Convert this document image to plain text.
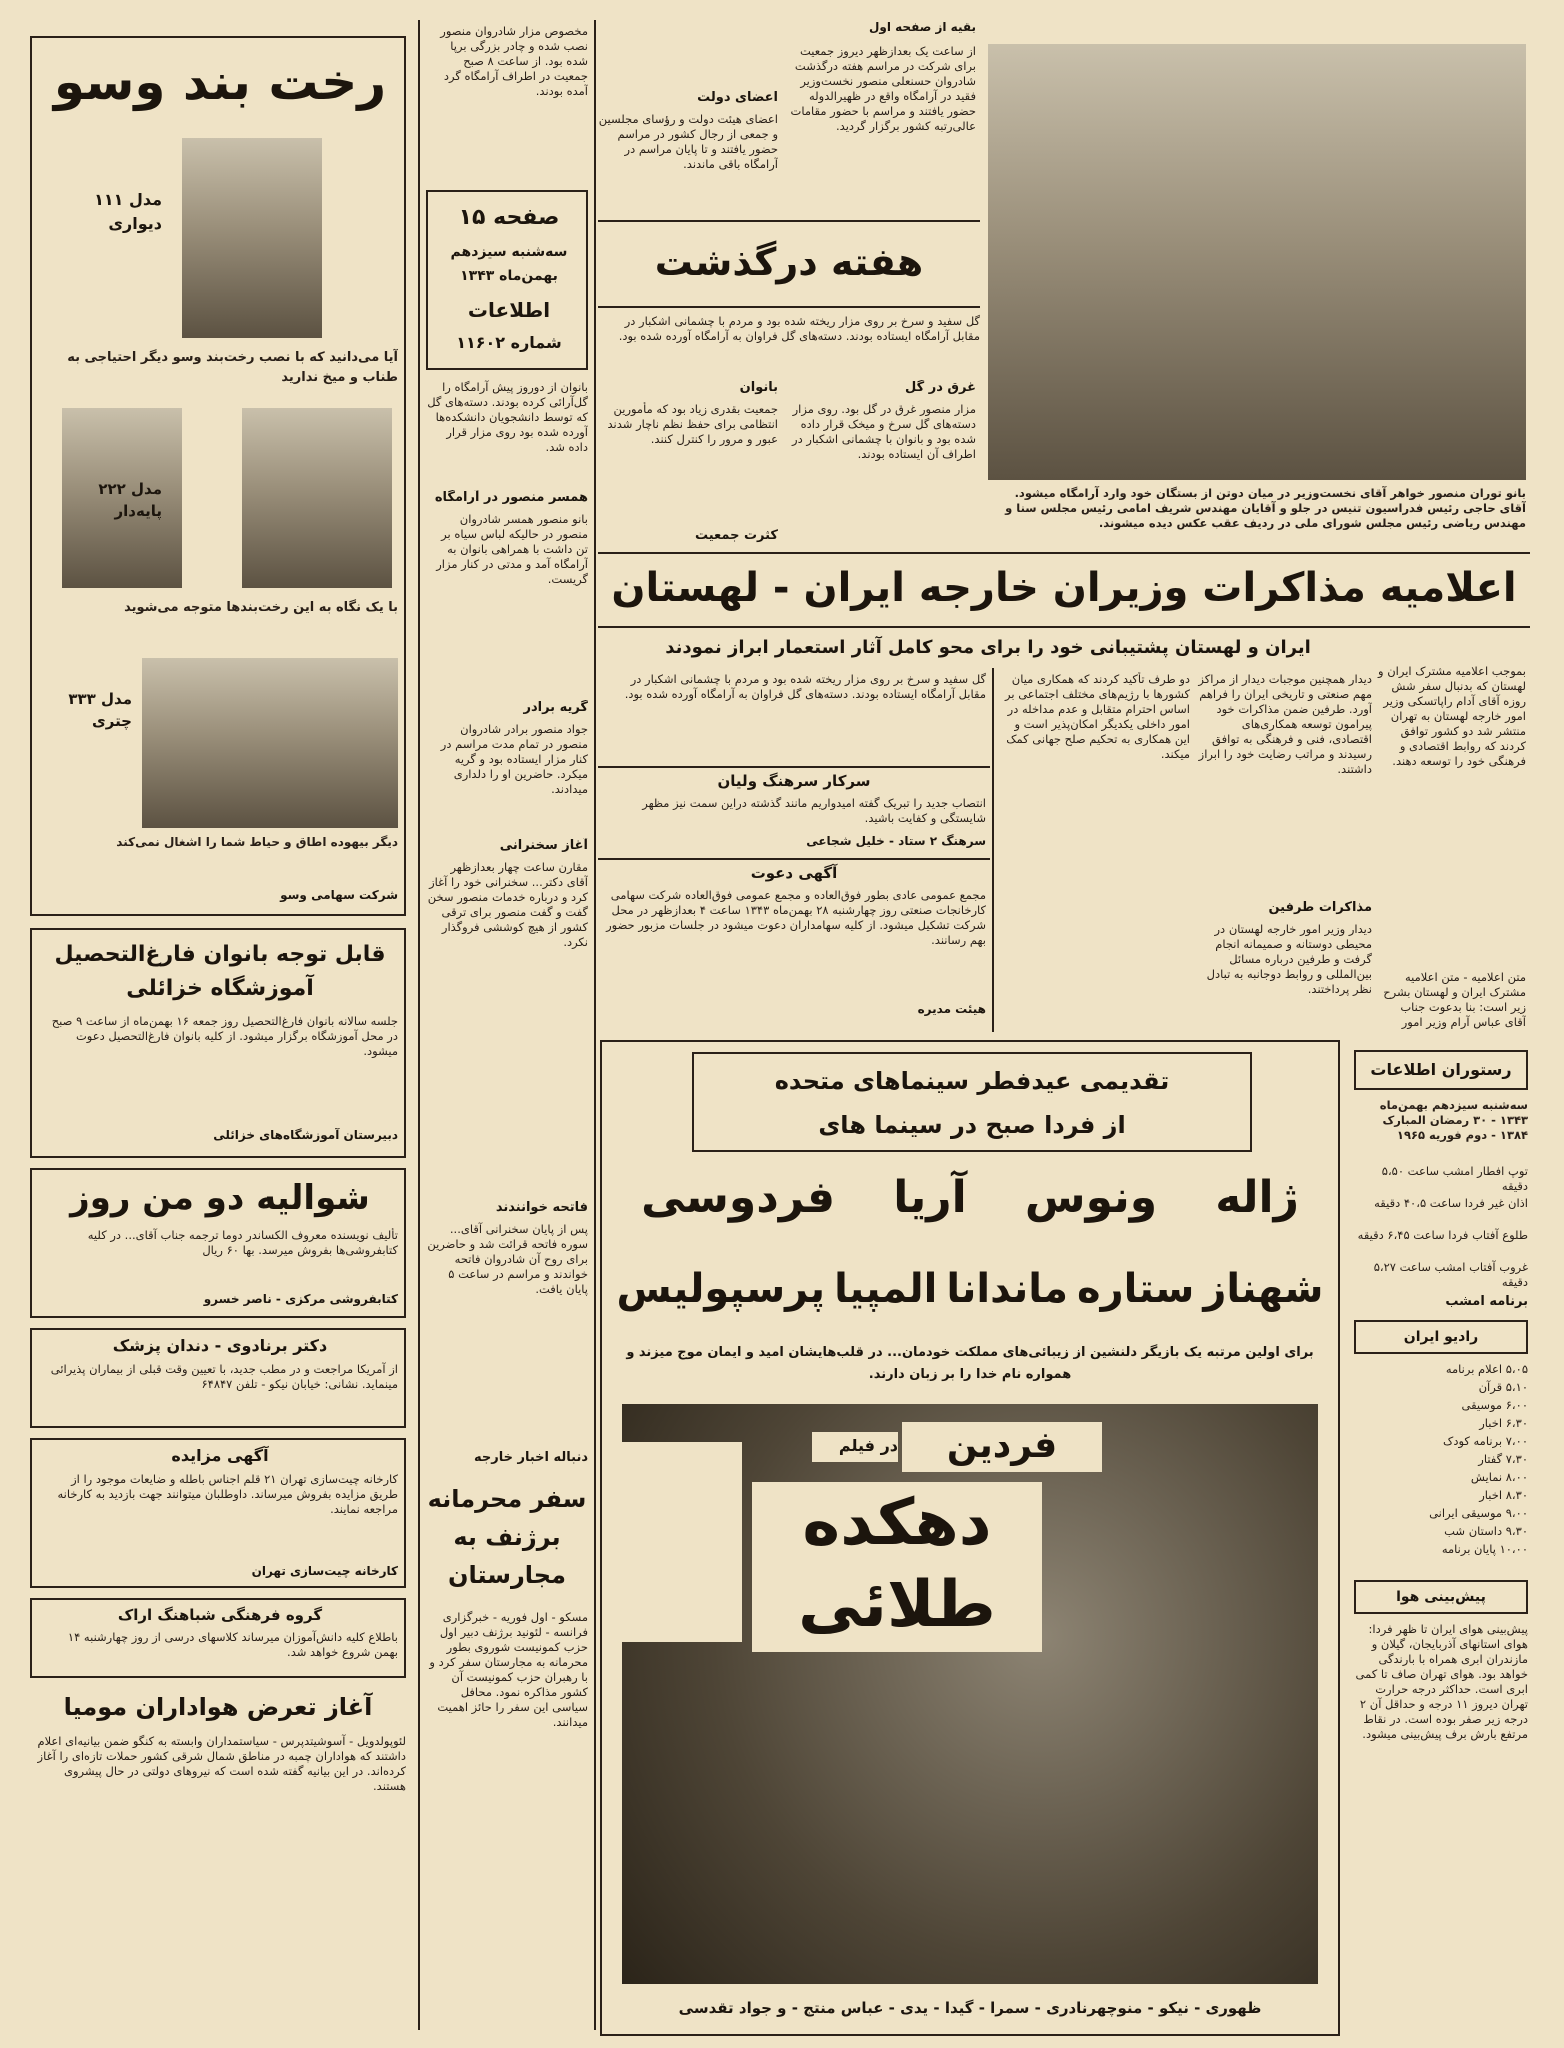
رخت بند وسو
مدل ۱۱۱ دیواری
آیا می‌دانید که با نصب رخت‌بند وسو دیگر احتیاجی به طناب و میخ ندارید
مدل ۲۲۲ پایه‌دار
با یک نگاه به این رخت‌بندها متوجه می‌شوید
مدل ۳۳۳ چتری
دیگر بیهوده اطاق و حیاط شما را اشغال نمی‌کند
شرکت سهامی وسو
قابل توجه بانوان فارغ‌التحصیل آموزشگاه خزائلی
جلسه سالانه بانوان فارغ‌التحصیل روز جمعه ۱۶ بهمن‌ماه از ساعت ۹ صبح در محل آموزشگاه برگزار میشود. از کلیه بانوان فارغ‌التحصیل دعوت میشود.
دبیرستان آموزشگاه‌های خزائلی
شوالیه دو من روز
تألیف نویسنده معروف الکساندر دوما ترجمه جناب آقای... در کلیه کتابفروشی‌ها بفروش میرسد. بها ۶۰ ریال
کتابفروشی مرکزی - ناصر خسرو
دکتر برنادوی - دندان پزشک
از آمریکا مراجعت و در مطب جدید، با تعیین وقت قبلی از بیماران پذیرائی مینماید. نشانی: خیابان نیکو - تلفن ۶۴۸۴۷
آگهی مزایده
کارخانه چیت‌سازی تهران ۲۱ قلم اجناس باطله و ضایعات موجود را از طریق مزایده بفروش میرساند. داوطلبان میتوانند جهت بازدید به کارخانه مراجعه نمایند.
کارخانه چیت‌سازی تهران
گروه فرهنگی شباهنگ اراک
باطلاع کلیه دانش‌آموزان میرساند کلاسهای درسی از روز چهارشنبه ۱۴ بهمن شروع خواهد شد.
آغاز تعرض هواداران مومیا
لئوپولدویل - آسوشیتدپرس - سیاستمداران وابسته به کنگو ضمن بیانیه‌ای اعلام داشتند که هواداران چمبه در مناطق شمال شرقی کشور حملات تازه‌ای را آغاز کرده‌اند. در این بیانیه گفته شده است که نیروهای دولتی در حال پیشروی هستند.
مخصوص مزار شادروان منصور نصب شده و چادر بزرگی برپا شده بود. از ساعت ۸ صبح جمعیت در اطراف آرامگاه گرد آمده بودند.
صفحه ۱۵
سه‌شنبه سیزدهم بهمن‌ماه ۱۳۴۳
اطلاعات
شماره ۱۱۶۰۲
بانوان از دوروز پیش آرامگاه را گل‌آرائی کرده بودند. دسته‌های گل که توسط دانشجویان دانشکده‌ها آورده شده بود روی مزار قرار داده شد.
همسر منصور در آرامگاه
بانو منصور همسر شادروان منصور در حالیکه لباس سیاه بر تن داشت با همراهی بانوان به آرامگاه آمد و مدتی در کنار مزار گریست.
گریه برادر
جواد منصور برادر شادروان منصور در تمام مدت مراسم در کنار مزار ایستاده بود و گریه میکرد. حاضرین او را دلداری میدادند.
آغاز سخنرانی
مقارن ساعت چهار بعدازظهر آقای دکتر... سخنرانی خود را آغاز کرد و درباره خدمات منصور سخن گفت و گفت منصور برای ترقی کشور از هیچ کوششی فروگذار نکرد.
فاتحه خوانندند
پس از پایان سخنرانی آقای... سوره فاتحه قرائت شد و حاضرین برای روح آن شادروان فاتحه خواندند و مراسم در ساعت ۵ پایان یافت.
دنباله اخبار خارجه
سفر محرمانه برژنف به مجارستان
مسکو - اول فوریه - خبرگزاری فرانسه - لئونید برژنف دبیر اول حزب کمونیست شوروی بطور محرمانه به مجارستان سفر کرد و با رهبران حزب کمونیست آن کشور مذاکره نمود. محافل سیاسی این سفر را حائز اهمیت میدانند.
بقیه از صفحه اول
اعضای دولت
اعضای هیئت دولت و رؤسای مجلسین و جمعی از رجال کشور در مراسم حضور یافتند و تا پایان مراسم در آرامگاه باقی ماندند.
از ساعت یک بعدازظهر دیروز جمعیت برای شرکت در مراسم هفته درگذشت شادروان حسنعلی منصور نخست‌وزیر فقید در آرامگاه واقع در ظهیرالدوله حضور یافتند و مراسم با حضور مقامات عالی‌رتبه کشور برگزار گردید.
هفته درگذشت
گل سفید و سرخ بر روی مزار ریخته شده بود و مردم با چشمانی اشکبار در مقابل آرامگاه ایستاده بودند. دسته‌های گل فراوان به آرامگاه آورده شده بود.
غرق در گل
مزار منصور غرق در گل بود. روی مزار دسته‌های گل سرخ و میخک قرار داده شده بود و بانوان با چشمانی اشکبار در اطراف آن ایستاده بودند.
بانوان
جمعیت بقدری زیاد بود که مأمورین انتظامی برای حفظ نظم ناچار شدند عبور و مرور را کنترل کنند.
کثرت جمعیت
بانو توران منصور خواهر آقای نخست‌وزیر در میان دوتن از بستگان خود وارد آرامگاه میشود. آقای حاجی رئیس فدراسیون تنیس در جلو و آقایان مهندس شریف امامی رئیس مجلس سنا و مهندس ریاضی رئیس مجلس شورای ملی در ردیف عقب عکس دیده میشوند.
اعلامیه مذاکرات وزیران خارجه ایران - لهستان
ایران و لهستان پشتیبانی خود را برای محو کامل آثار استعمار ابراز نمودند
بموجب اعلامیه مشترک ایران و لهستان که بدنبال سفر شش روزه آقای آدام راپاتسکی وزیر امور خارجه لهستان به تهران منتشر شد دو کشور توافق کردند که روابط اقتصادی و فرهنگی خود را توسعه دهند.
متن اعلامیه - متن اعلامیه مشترک ایران و لهستان بشرح زیر است: بنا بدعوت جناب آقای عباس آرام وزیر امور
دیدار همچنین موجبات دیدار از مراکز مهم صنعتی و تاریخی ایران را فراهم آورد. طرفین ضمن مذاکرات خود پیرامون توسعه همکاری‌های اقتصادی، فنی و فرهنگی به توافق رسیدند و مراتب رضایت خود را ابراز داشتند.
مذاکرات طرفین
دیدار وزیر امور خارجه لهستان در محیطی دوستانه و صمیمانه انجام گرفت و طرفین درباره مسائل بین‌المللی و روابط دوجانبه به تبادل نظر پرداختند.
دو طرف تأکید کردند که همکاری میان کشورها با رژیم‌های مختلف اجتماعی بر اساس احترام متقابل و عدم مداخله در امور داخلی یکدیگر امکان‌پذیر است و این همکاری به تحکیم صلح جهانی کمک میکند.
گل سفید و سرخ بر روی مزار ریخته شده بود و مردم با چشمانی اشکبار در مقابل آرامگاه ایستاده بودند. دسته‌های گل فراوان به آرامگاه آورده شده بود.
سرکار سرهنگ ولیان
انتصاب جدید را تبریک گفته امیدواریم مانند گذشته دراین سمت نیز مظهر شایستگی و کفایت باشید.
سرهنگ ۲ ستاد - خلیل شجاعی
آگهی دعوت
مجمع عمومی عادی بطور فوق‌العاده و مجمع عمومی فوق‌العاده شرکت سهامی کارخانجات صنعتی روز چهارشنبه ۲۸ بهمن‌ماه ۱۳۴۳ ساعت ۴ بعدازظهر در محل شرکت تشکیل میشود. از کلیه سهامداران دعوت میشود در جلسات مزبور حضور بهم رسانند.
هیئت مدیره
تقدیمی عیدفطر سینماهای متحده
از فردا صبح در سینما های
فردوسی آریا ونوس ژاله
پرسپولیس المپیا ماندانا ستاره شهناز
برای اولین مرتبه یک بازیگر دلنشین از زیبائی‌های مملکت خودمان... در قلب‌هایشان امید و ایمان موج میزند و همواره نام خدا را بر زبان دارند.
فردین
در فیلم
دهکده طلائی
ظهوری - نیکو - منوچهرنادری - سمرا - گیدا - یدی - عباس منتج - و جواد تقدسی
رستوران اطلاعات
سه‌شنبه سیزدهم بهمن‌ماه ۱۳۴۳ - ۳۰ رمضان المبارک ۱۳۸۴ - دوم فوریه ۱۹۶۵
توپ افطار امشب ساعت ۵،۵۰ دقیقه
اذان غیر فردا ساعت ۴۰،۵ دقیقه
طلوع آفتاب فردا ساعت ۶،۴۵ دقیقه
غروب آفتاب امشب ساعت ۵،۲۷ دقیقه
برنامه امشب
رادیو ایران
۵،۰۵ اعلام برنامه
۵،۱۰ قرآن
۶،۰۰ موسیقی
۶،۳۰ اخبار
۷،۰۰ برنامه کودک
۷،۳۰ گفتار
۸،۰۰ نمایش
۸،۳۰ اخبار
۹،۰۰ موسیقی ایرانی
۹،۳۰ داستان شب
۱۰،۰۰ پایان برنامه
پیش‌بینی هوا
پیش‌بینی هوای ایران تا ظهر فردا: هوای استانهای آذربایجان، گیلان و مازندران ابری همراه با بارندگی خواهد بود. هوای تهران صاف تا کمی ابری است. حداکثر درجه حرارت تهران دیروز ۱۱ درجه و حداقل آن ۲ درجه زیر صفر بوده است. در نقاط مرتفع بارش برف پیش‌بینی میشود.
